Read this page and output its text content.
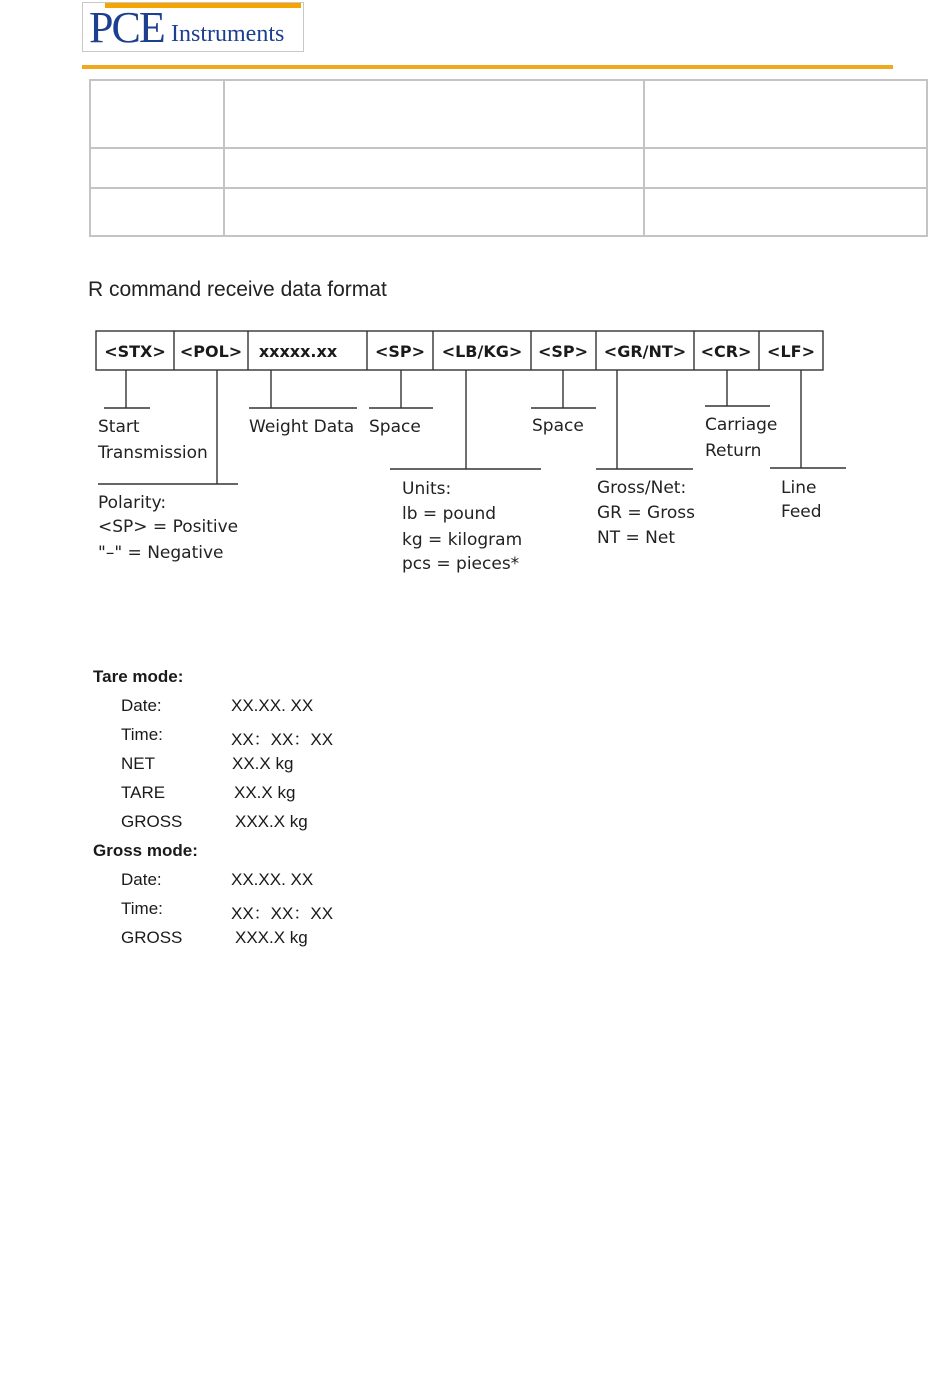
PCE Instruments

R command receive data format
<STX> <POL> xxxxx.xx <SP> <LB/KG> <SP> <GR/NT> <CR> <LF>
Start
Transmission
Weight Data Space	Space	Carriage
Return
Polarity:
<SP> = Positive
"–" = Negative
Units:
lb = pound
kg = kilogram
pcs = pieces*
Gross/Net:
GR = Gross
NT = Net
Line
Feed
Tare mode:
Date:	XX.XX. XX
Time:	XX：XX：XX
NET	XX.X kg
TARE	XX.X kg
GROSS	XXX.X kg
Gross mode:
Date:	XX.XX. XX
Time:	XX：XX：XX
GROSS	XXX.X kg
